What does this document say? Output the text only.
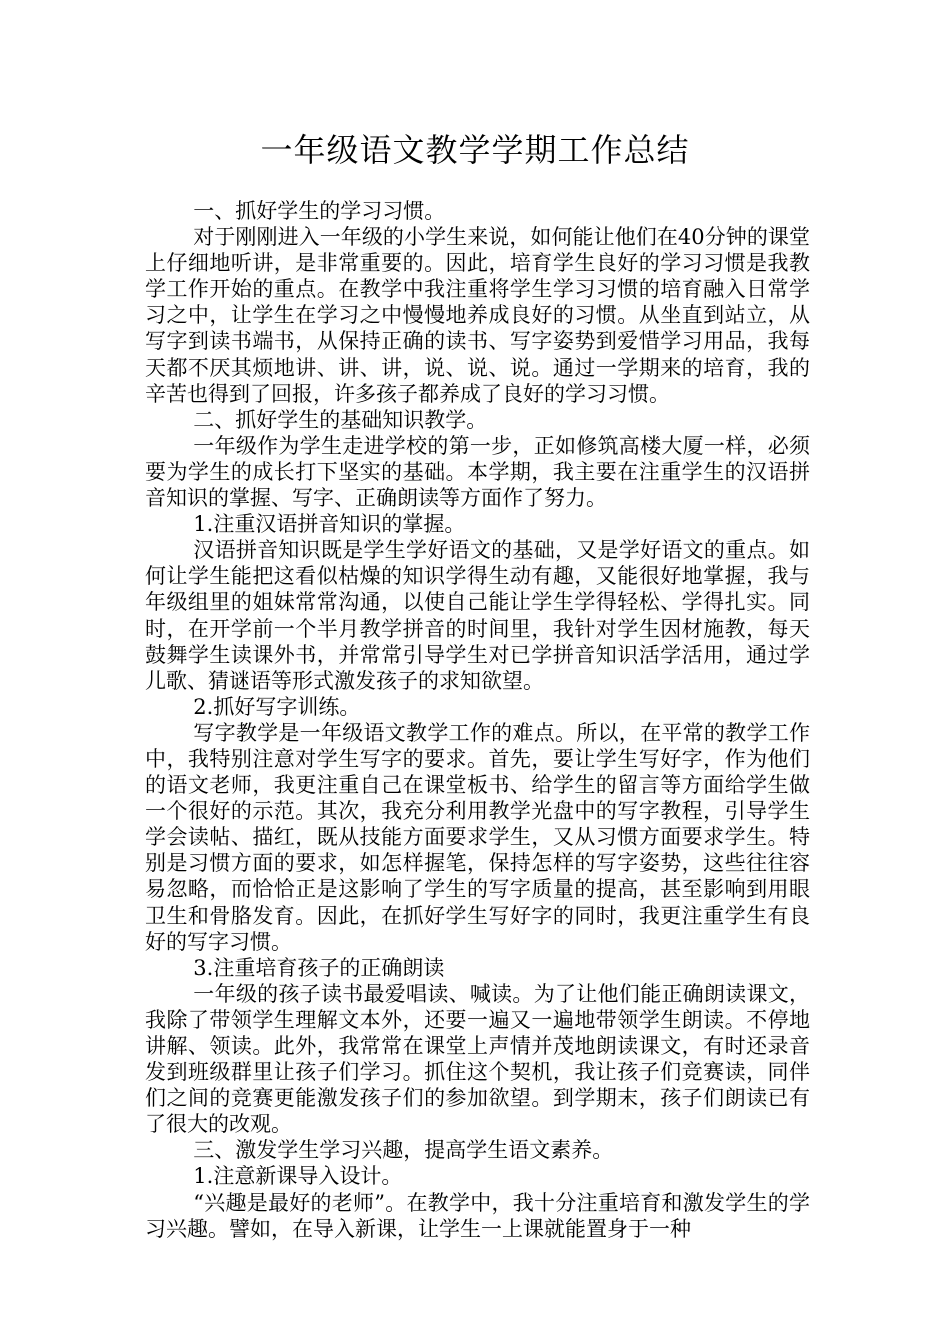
一年级语文教学学期工作总结

一、抓好学生的学习习惯。

对于刚刚进入一年级的小学生来说，如何能让他们在40分钟的课堂上仔细地听讲，是非常重要的。因此，培育学生良好的学习习惯是我教学工作开始的重点。在教学中我注重将学生学习习惯的培育融入日常学习之中，让学生在学习之中慢慢地养成良好的习惯。从坐直到站立，从写字到读书端书，从保持正确的读书、写字姿势到爱惜学习用品，我每天都不厌其烦地讲、讲、讲，说、说、说。通过一学期来的培育，我的辛苦也得到了回报，许多孩子都养成了良好的学习习惯。

二、抓好学生的基础知识教学。

一年级作为学生走进学校的第一步，正如修筑高楼大厦一样，必须要为学生的成长打下坚实的基础。本学期，我主要在注重学生的汉语拼音知识的掌握、写字、正确朗读等方面作了努力。

1.注重汉语拼音知识的掌握。

汉语拼音知识既是学生学好语文的基础，又是学好语文的重点。如何让学生能把这看似枯燥的知识学得生动有趣，又能很好地掌握，我与年级组里的姐妹常常沟通，以使自己能让学生学得轻松、学得扎实。同时，在开学前一个半月教学拼音的时间里，我针对学生因材施教，每天鼓舞学生读课外书，并常常引导学生对已学拼音知识活学活用，通过学儿歌、猜谜语等形式激发孩子的求知欲望。

2.抓好写字训练。

写字教学是一年级语文教学工作的难点。所以，在平常的教学工作中，我特别注意对学生写字的要求。首先，要让学生写好字，作为他们的语文老师，我更注重自己在课堂板书、给学生的留言等方面给学生做一个很好的示范。其次，我充分利用教学光盘中的写字教程，引导学生学会读帖、描红，既从技能方面要求学生，又从习惯方面要求学生。特别是习惯方面的要求，如怎样握笔，保持怎样的写字姿势，这些往往容易忽略，而恰恰正是这影响了学生的写字质量的提高，甚至影响到用眼卫生和骨胳发育。因此，在抓好学生写好字的同时，我更注重学生有良好的写字习惯。

3.注重培育孩子的正确朗读

一年级的孩子读书最爱唱读、喊读。为了让他们能正确朗读课文，我除了带领学生理解文本外，还要一遍又一遍地带领学生朗读。不停地讲解、领读。此外，我常常在课堂上声情并茂地朗读课文，有时还录音发到班级群里让孩子们学习。抓住这个契机，我让孩子们竞赛读，同伴们之间的竞赛更能激发孩子们的参加欲望。到学期末，孩子们朗读已有了很大的改观。

三、激发学生学习兴趣，提高学生语文素养。

1.注意新课导入设计。

“兴趣是最好的老师”。在教学中，我十分注重培育和激发学生的学习兴趣。譬如，在导入新课，让学生一上课就能置身于一种
